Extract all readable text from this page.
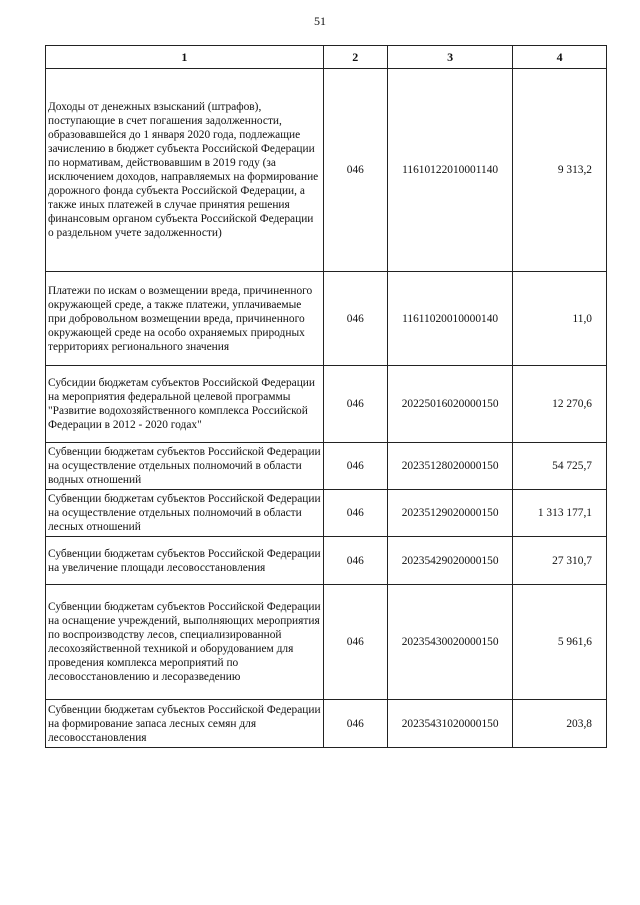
51
1	2	3	4
Доходы от денежных взысканий (штрафов), поступающие в счет погашения задолженности, образовавшейся до 1 января 2020 года, подлежащие зачислению в бюджет субъекта Российской Федерации по нормативам, действовавшим в 2019 году (за исключением доходов, направляемых на формирование дорожного фонда субъекта Российской Федерации, а также иных платежей в случае принятия решения финансовым органом субъекта Российской Федерации о раздельном учете задолженности)	046	11610122010001140	9 313,2
Платежи по искам о возмещении вреда, причиненного окружающей среде, а также платежи, уплачиваемые при добровольном возмещении вреда, причиненного окружающей среде на особо охраняемых природных территориях регионального значения	046	11611020010000140	11,0
Субсидии бюджетам субъектов Российской Федерации на мероприятия федеральной целевой программы "Развитие водохозяйственного комплекса Российской Федерации в 2012 - 2020 годах"	046	20225016020000150	12 270,6
Субвенции бюджетам субъектов Российской Федерации на осуществление отдельных полномочий в области водных отношений	046	20235128020000150	54 725,7
Субвенции бюджетам субъектов Российской Федерации на осуществление отдельных полномочий в области лесных отношений	046	20235129020000150	1 313 177,1
Субвенции бюджетам субъектов Российской Федерации на увеличение площади лесовосстановления	046	20235429020000150	27 310,7
Субвенции бюджетам субъектов Российской Федерации на оснащение учреждений, выполняющих мероприятия по воспроизводству лесов, специализированной лесохозяйственной техникой и оборудованием для проведения комплекса мероприятий по лесовосстановлению и лесоразведению	046	20235430020000150	5 961,6
Субвенции бюджетам субъектов Российской Федерации на формирование запаса лесных семян для лесовосстановления	046	20235431020000150	203,8
